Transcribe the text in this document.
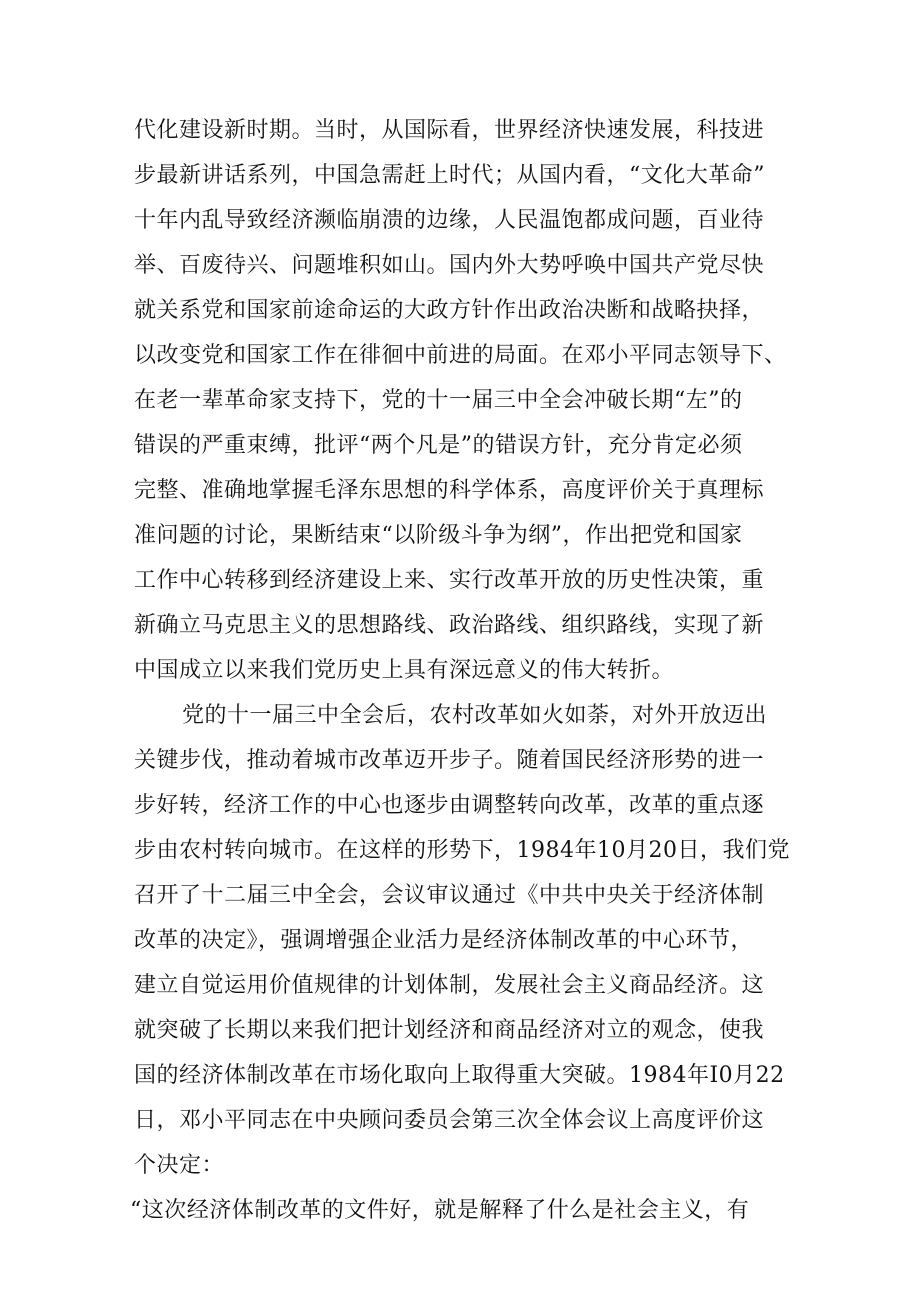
代化建设新时期。当时，从国际看，世界经济快速发展，科技进
步最新讲话系列，中国急需赶上时代；从国内看，“文化大革命”
十年内乱导致经济濒临崩溃的边缘，人民温饱都成问题，百业待
举、百废待兴、问题堆积如山。国内外大势呼唤中国共产党尽快
就关系党和国家前途命运的大政方针作出政治决断和战略抉择，
以改变党和国家工作在徘徊中前进的局面。在邓小平同志领导下、
在老一辈革命家支持下，党的十一届三中全会冲破长期“左”的
错误的严重束缚，批评“两个凡是”的错误方针，充分肯定必须
完整、准确地掌握毛泽东思想的科学体系，高度评价关于真理标
准问题的讨论，果断结束“以阶级斗争为纲”，作出把党和国家
工作中心转移到经济建设上来、实行改革开放的历史性决策，重
新确立马克思主义的思想路线、政治路线、组织路线，实现了新
中国成立以来我们党历史上具有深远意义的伟大转折。
党的十一届三中全会后，农村改革如火如荼，对外开放迈出
关键步伐，推动着城市改革迈开步子。随着国民经济形势的进一
步好转，经济工作的中心也逐步由调整转向改革，改革的重点逐
步由农村转向城市。在这样的形势下，1984年10月20日，我们党
召开了十二届三中全会，会议审议通过《中共中央关于经济体制
改革的决定》，强调增强企业活力是经济体制改革的中心环节，
建立自觉运用价值规律的计划体制，发展社会主义商品经济。这
就突破了长期以来我们把计划经济和商品经济对立的观念，使我
国的经济体制改革在市场化取向上取得重大突破。1984年I0月22
日，邓小平同志在中央顾问委员会第三次全体会议上高度评价这
个决定：
“这次经济体制改革的文件好，就是解释了什么是社会主义，有
